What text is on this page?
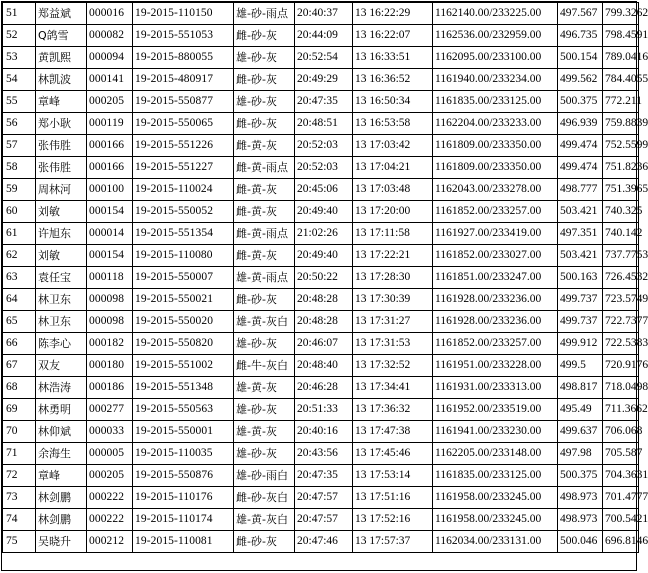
51	郑益斌	000016	19-2015-110150	雄-砂-雨点	20:40:37	13 16:22:29	1162140.00/233225.00	497.567	799.3262
52	Q鸽雪	000082	19-2015-551053	雌-砂-灰	20:44:09	13 16:22:07	1162536.00/232959.00	496.735	798.4591
53	黄凯熙	000094	19-2015-880055	雄-砂-灰	20:52:54	13 16:33:51	1162095.00/233100.00	500.154	789.0416
54	林凯波	000141	19-2015-480917	雌-砂-灰	20:49:29	13 16:36:52	1161940.00/233234.00	499.562	784.4055
55	章峰	000205	19-2015-550877	雄-砂-灰	20:47:35	13 16:50:34	1161835.00/233125.00	500.375	772.211
56	郑小耿	000119	19-2015-550065	雌-砂-灰	20:48:51	13 16:53:58	1162204.00/233233.00	496.939	759.8839
57	张伟胜	000166	19-2015-551226	雌-黄-灰	20:52:03	13 17:03:42	1161809.00/233350.00	499.474	752.5599
58	张伟胜	000166	19-2015-551227	雌-黄-雨点	20:52:03	13 17:04:21	1161809.00/233350.00	499.474	751.8236
59	周林河	000100	19-2015-110024	雌-黄-灰	20:45:06	13 17:03:48	1162043.00/233278.00	498.777	751.3965
60	刘敏	000154	19-2015-550052	雌-黄-灰	20:49:40	13 17:20:00	1161852.00/233257.00	503.421	740.325
61	许旭东	000014	19-2015-551354	雌-黄-雨点	21:02:26	13 17:11:58	1161927.00/233419.00	497.351	740.142
62	刘敏	000154	19-2015-110080	雌-黄-灰	20:49:40	13 17:22:21	1161852.00/233027.00	503.421	737.7753
63	袁任宝	000118	19-2015-550007	雄-黄-雨点	20:50:22	13 17:28:30	1161851.00/233247.00	500.163	726.4532
64	林卫东	000098	19-2015-550021	雌-砂-灰	20:48:28	13 17:30:39	1161928.00/233236.00	499.737	723.5749
65	林卫东	000098	19-2015-550020	雄-黄-灰白	20:48:28	13 17:31:27	1161928.00/233236.00	499.737	722.7377
66	陈李心	000182	19-2015-550820	雄-砂-灰	20:46:07	13 17:31:53	1161852.00/233257.00	499.912	722.5383
67	双友	000180	19-2015-551002	雌-牛-灰白	20:48:40	13 17:32:52	1161951.00/233228.00	499.5	720.9176
68	林浩涛	000186	19-2015-551348	雄-黄-灰	20:46:28	13 17:34:41	1161931.00/233313.00	498.817	718.0498
69	林勇明	000277	19-2015-550563	雄-砂-灰	20:51:33	13 17:36:32	1161952.00/233519.00	495.49	711.3662
70	林仰斌	000033	19-2015-550001	雄-黄-灰	20:40:16	13 17:47:38	1161941.00/233230.00	499.637	706.068
71	余海生	000005	19-2015-110035	雄-砂-灰	20:43:56	13 17:45:46	1162205.00/233148.00	497.98	705.587
72	章峰	000205	19-2015-550876	雄-砂-雨白	20:47:35	13 17:53:14	1161835.00/233125.00	500.375	704.3631
73	林剑鹏	000222	19-2015-110176	雌-砂-灰白	20:47:57	13 17:51:16	1161958.00/233245.00	498.973	701.4777
74	林剑鹏	000222	19-2015-110174	雄-黄-灰白	20:47:57	13 17:52:16	1161958.00/233245.00	498.973	700.5421
75	吴晓升	000212	19-2015-110081	雌-砂-灰	20:47:46	13 17:57:37	1162034.00/233131.00	500.046	696.8146
